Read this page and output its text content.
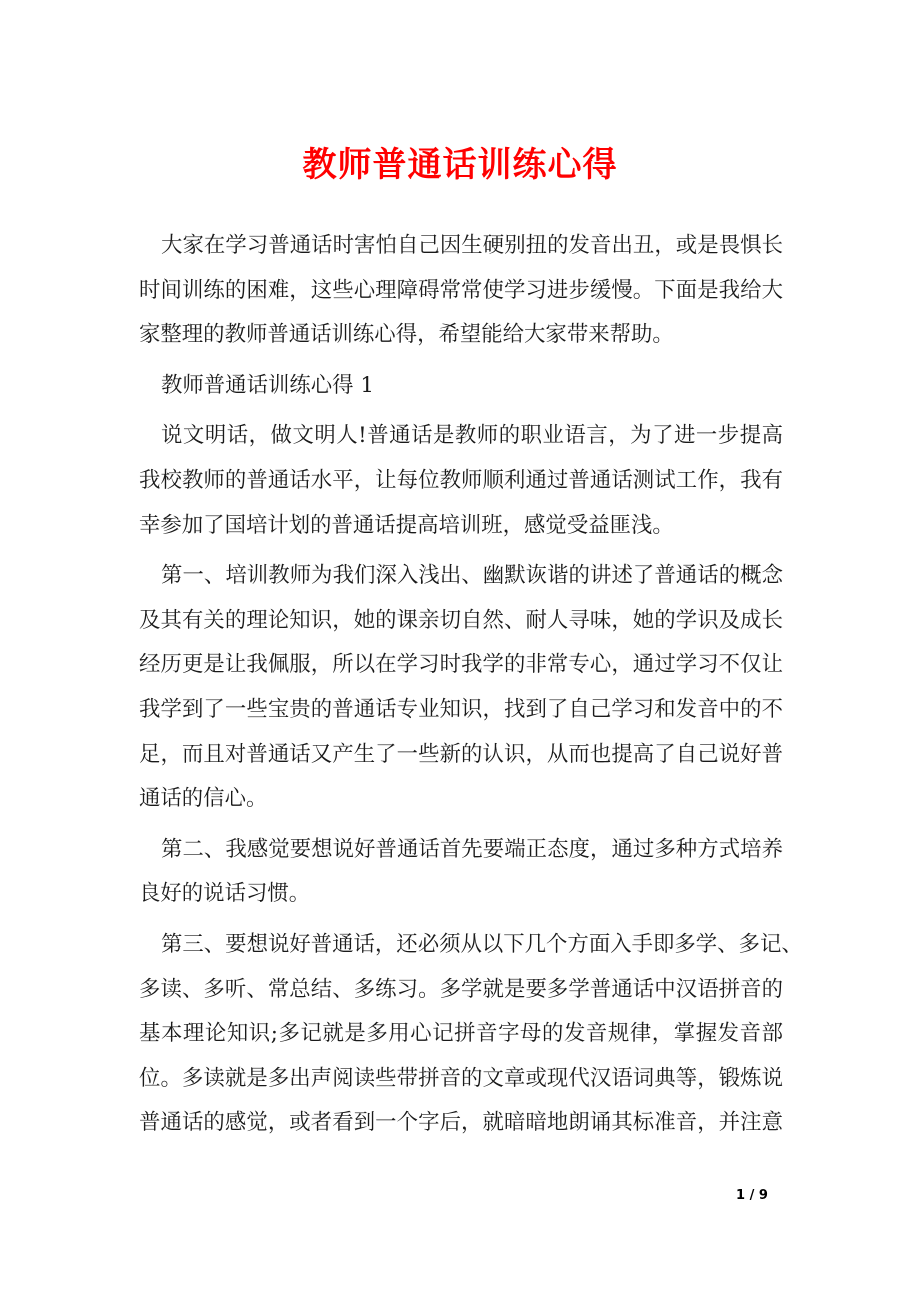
教师普通话训练心得
大家在学习普通话时害怕自己因生硬别扭的发音出丑，或是畏惧长
时间训练的困难，这些心理障碍常常使学习进步缓慢。下面是我给大
家整理的教师普通话训练心得，希望能给大家带来帮助。
教师普通话训练心得 1
说文明话，做文明人!普通话是教师的职业语言，为了进一步提高
我校教师的普通话水平，让每位教师顺利通过普通话测试工作，我有
幸参加了国培计划的普通话提高培训班，感觉受益匪浅。
第一、培训教师为我们深入浅出、幽默诙谐的讲述了普通话的概念
及其有关的理论知识，她的课亲切自然、耐人寻味，她的学识及成长
经历更是让我佩服，所以在学习时我学的非常专心，通过学习不仅让
我学到了一些宝贵的普通话专业知识，找到了自己学习和发音中的不
足，而且对普通话又产生了一些新的认识，从而也提高了自己说好普
通话的信心。
第二、我感觉要想说好普通话首先要端正态度，通过多种方式培养
良好的说话习惯。
第三、要想说好普通话，还必须从以下几个方面入手即多学、多记、
多读、多听、常总结、多练习。多学就是要多学普通话中汉语拼音的
基本理论知识;多记就是多用心记拼音字母的发音规律，掌握发音部
位。多读就是多出声阅读些带拼音的文章或现代汉语词典等，锻炼说
普通话的感觉，或者看到一个字后，就暗暗地朗诵其标准音，并注意
1 / 9
